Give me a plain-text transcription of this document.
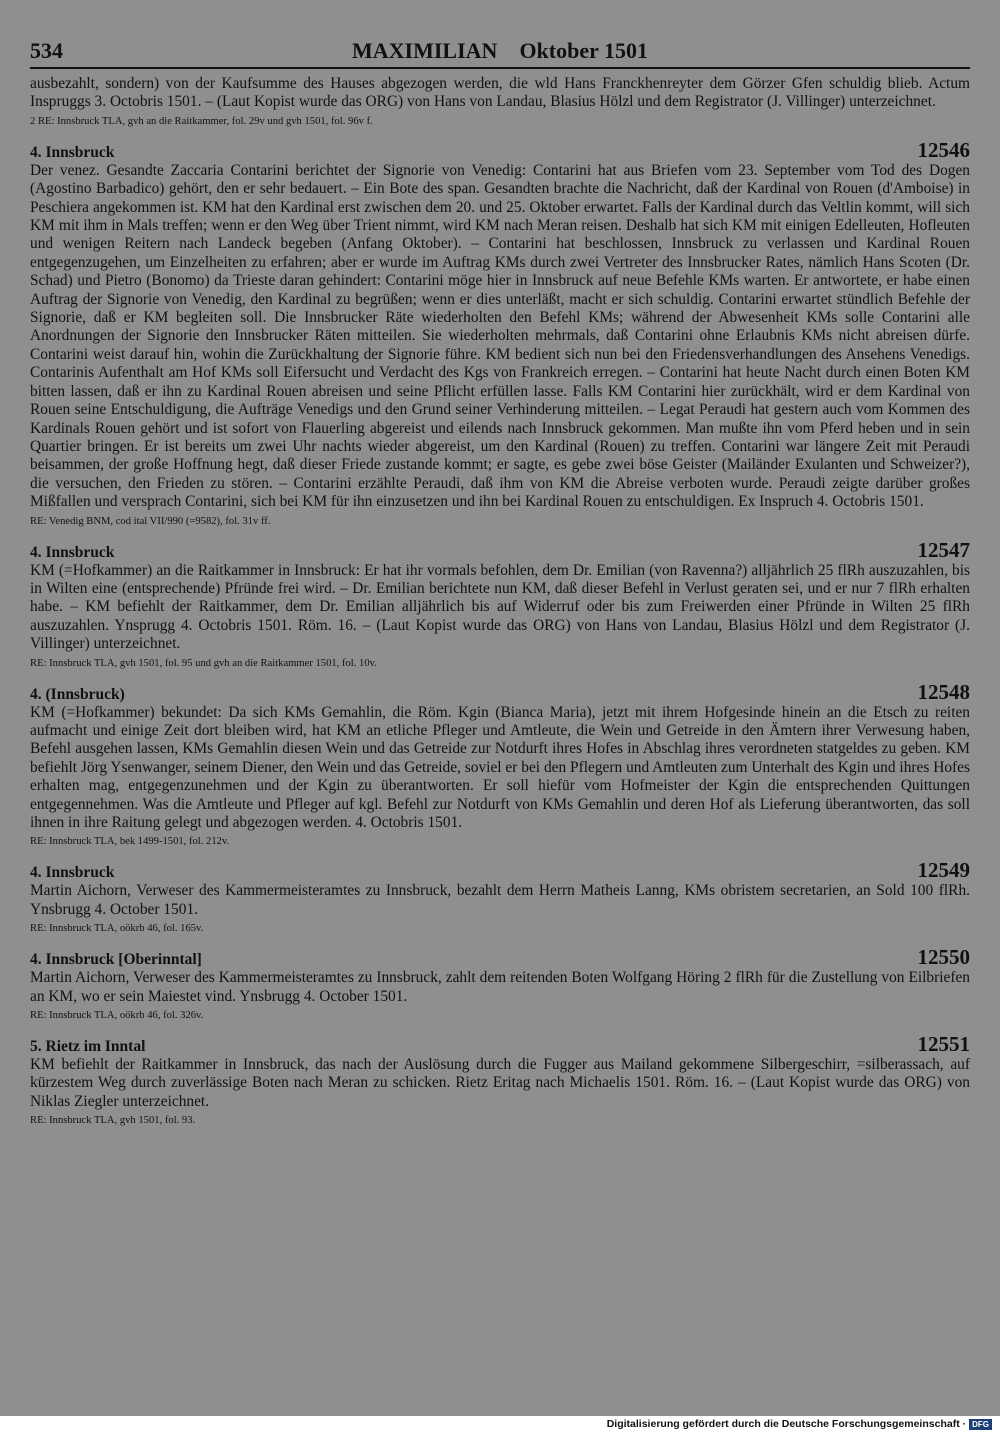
534	MAXIMILIAN    Oktober 1501

ausbezahlt, sondern) von der Kaufsumme des Hauses abgezogen werden, die wld Hans Franckhenreyter dem Görzer Gfen schuldig blieb. Actum Inspruggs 3. Octobris 1501. – (Laut Kopist wurde das ORG) von Hans von Landau, Blasius Hölzl und dem Registrator (J. Villinger) unterzeichnet.

2 RE: Innsbruck TLA, gvh an die Raitkammer, fol. 29v und gvh 1501, fol. 96v f.

4. Innsbruck	12546

Der venez. Gesandte Zaccaria Contarini berichtet der Signorie von Venedig: Contarini hat aus Briefen vom 23. September vom Tod des Dogen (Agostino Barbadico) gehört, den er sehr bedauert. – Ein Bote des span. Gesandten brachte die Nachricht, daß der Kardinal von Rouen (d'Amboise) in Peschiera angekommen ist. KM hat den Kardinal erst zwischen dem 20. und 25. Oktober erwartet. Falls der Kardinal durch das Veltlin kommt, will sich KM mit ihm in Mals treffen; wenn er den Weg über Trient nimmt, wird KM nach Meran reisen. Deshalb hat sich KM mit einigen Edelleuten, Hofleuten und wenigen Reitern nach Landeck begeben (Anfang Oktober). – Contarini hat beschlossen, Innsbruck zu verlassen und Kardinal Rouen entgegenzugehen, um Einzelheiten zu erfahren; aber er wurde im Auftrag KMs durch zwei Vertreter des Innsbrucker Rates, nämlich Hans Scoten (Dr. Schad) und Pietro (Bonomo) da Trieste daran gehindert: Contarini möge hier in Innsbruck auf neue Befehle KMs warten. Er antwortete, er habe einen Auftrag der Signorie von Venedig, den Kardinal zu begrüßen; wenn er dies unterläßt, macht er sich schuldig. Contarini erwartet stündlich Befehle der Signorie, daß er KM begleiten soll. Die Innsbrucker Räte wiederholten den Befehl KMs; während der Abwesenheit KMs solle Contarini alle Anordnungen der Signorie den Innsbrucker Räten mitteilen. Sie wiederholten mehrmals, daß Contarini ohne Erlaubnis KMs nicht abreisen dürfe. Contarini weist darauf hin, wohin die Zurückhaltung der Signorie führe. KM bedient sich nun bei den Friedensverhandlungen des Ansehens Venedigs. Contarinis Aufenthalt am Hof KMs soll Eifersucht und Verdacht des Kgs von Frankreich erregen. – Contarini hat heute Nacht durch einen Boten KM bitten lassen, daß er ihn zu Kardinal Rouen abreisen und seine Pflicht erfüllen lasse. Falls KM Contarini hier zurückhält, wird er dem Kardinal von Rouen seine Entschuldigung, die Aufträge Venedigs und den Grund seiner Verhinderung mitteilen. – Legat Peraudi hat gestern auch vom Kommen des Kardinals Rouen gehört und ist sofort von Flauerling abgereist und eilends nach Innsbruck gekommen. Man mußte ihn vom Pferd heben und in sein Quartier bringen. Er ist bereits um zwei Uhr nachts wieder abgereist, um den Kardinal (Rouen) zu treffen. Contarini war längere Zeit mit Peraudi beisammen, der große Hoffnung hegt, daß dieser Friede zustande kommt; er sagte, es gebe zwei böse Geister (Mailänder Exulanten und Schweizer?), die versuchen, den Frieden zu stören. – Contarini erzählte Peraudi, daß ihm von KM die Abreise verboten wurde. Peraudi zeigte darüber großes Mißfallen und versprach Contarini, sich bei KM für ihn einzusetzen und ihn bei Kardinal Rouen zu entschuldigen. Ex Inspruch 4. Octobris 1501.

RE: Venedig BNM, cod ital VII/990 (=9582), fol. 31v ff.

4. Innsbruck	12547

KM (=Hofkammer) an die Raitkammer in Innsbruck: Er hat ihr vormals befohlen, dem Dr. Emilian (von Ravenna?) alljährlich 25 flRh auszuzahlen, bis in Wilten eine (entsprechende) Pfründe frei wird. – Dr. Emilian berichtete nun KM, daß dieser Befehl in Verlust geraten sei, und er nur 7 flRh erhalten habe. – KM befiehlt der Raitkammer, dem Dr. Emilian alljährlich bis auf Widerruf oder bis zum Freiwerden einer Pfründe in Wilten 25 flRh auszuzahlen. Ynsprugg 4. Octobris 1501. Röm. 16. – (Laut Kopist wurde das ORG) von Hans von Landau, Blasius Hölzl und dem Registrator (J. Villinger) unterzeichnet.

RE: Innsbruck TLA, gvh 1501, fol. 95 und gvh an die Raitkammer 1501, fol. 10v.

4. (Innsbruck)	12548

KM (=Hofkammer) bekundet: Da sich KMs Gemahlin, die Röm. Kgin (Bianca Maria), jetzt mit ihrem Hofgesinde hinein an die Etsch zu reiten aufmacht und einige Zeit dort bleiben wird, hat KM an etliche Pfleger und Amtleute, die Wein und Getreide in den Ämtern ihrer Verwesung haben, Befehl ausgehen lassen, KMs Gemahlin diesen Wein und das Getreide zur Notdurft ihres Hofes in Abschlag ihres verordneten statgeldes zu geben. KM befiehlt Jörg Ysenwanger, seinem Diener, den Wein und das Getreide, soviel er bei den Pflegern und Amtleuten zum Unterhalt des Kgin und ihres Hofes erhalten mag, entgegenzunehmen und der Kgin zu überantworten. Er soll hiefür vom Hofmeister der Kgin die entsprechenden Quittungen entgegennehmen. Was die Amtleute und Pfleger auf kgl. Befehl zur Notdurft von KMs Gemahlin und deren Hof als Lieferung überantworten, das soll ihnen in ihre Raitung gelegt und abgezogen werden. 4. Octobris 1501.

RE: Innsbruck TLA, bek 1499-1501, fol. 212v.

4. Innsbruck	12549

Martin Aichorn, Verweser des Kammermeisteramtes zu Innsbruck, bezahlt dem Herrn Matheis Lanng, KMs obristem secretarien, an Sold 100 flRh. Ynsbrugg 4. October 1501.

RE: Innsbruck TLA, oökrb 46, fol. 165v.

4. Innsbruck [Oberinntal]	12550

Martin Aichorn, Verweser des Kammermeisteramtes zu Innsbruck, zahlt dem reitenden Boten Wolfgang Höring 2 flRh für die Zustellung von Eilbriefen an KM, wo er sein Maiestet vind. Ynsbrugg 4. October 1501.

RE: Innsbruck TLA, oökrb 46, fol. 326v.

5. Rietz im Inntal	12551

KM befiehlt der Raitkammer in Innsbruck, das nach der Auslösung durch die Fugger aus Mailand gekommene Silbergeschirr, =silberassach, auf kürzestem Weg durch zuverlässige Boten nach Meran zu schicken. Rietz Eritag nach Michaelis 1501. Röm. 16. – (Laut Kopist wurde das ORG) von Niklas Ziegler unterzeichnet.

RE: Innsbruck TLA, gvh 1501, fol. 93.

Digitalisierung gefördert durch die Deutsche Forschungsgemeinschaft · DFG
